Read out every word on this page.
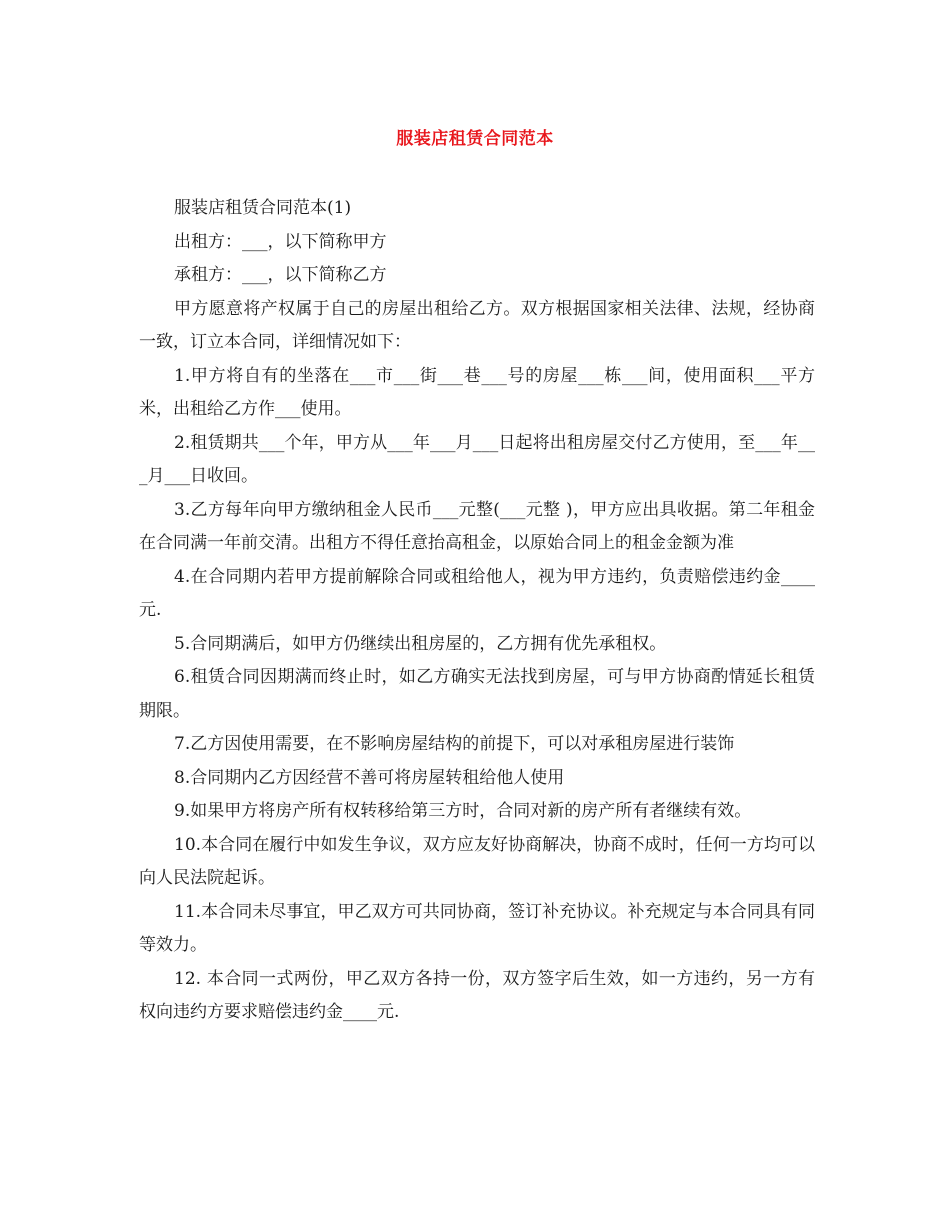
服装店租赁合同范本

服装店租赁合同范本(1)

出租方：___，以下简称甲方

承租方：___，以下简称乙方

甲方愿意将产权属于自己的房屋出租给乙方。双方根据国家相关法律、法规，经协商一致，订立本合同，详细情况如下：

1.甲方将自有的坐落在___市___街___巷___号的房屋___栋___间，使用面积___平方米，出租给乙方作___使用。

2.租赁期共___个年，甲方从___年___月___日起将出租房屋交付乙方使用，至___年___月___日收回。

3.乙方每年向甲方缴纳租金人民币___元整(___元整 )，甲方应出具收据。第二年租金在合同满一年前交清。出租方不得任意抬高租金，以原始合同上的租金金额为准

4.在合同期内若甲方提前解除合同或租给他人，视为甲方违约，负责赔偿违约金____元.

5.合同期满后，如甲方仍继续出租房屋的，乙方拥有优先承租权。

6.租赁合同因期满而终止时，如乙方确实无法找到房屋，可与甲方协商酌情延长租赁期限。

7.乙方因使用需要，在不影响房屋结构的前提下，可以对承租房屋进行装饰

8.合同期内乙方因经营不善可将房屋转租给他人使用

9.如果甲方将房产所有权转移给第三方时，合同对新的房产所有者继续有效。

10.本合同在履行中如发生争议，双方应友好协商解决，协商不成时，任何一方均可以向人民法院起诉。

11.本合同未尽事宜，甲乙双方可共同协商，签订补充协议。补充规定与本合同具有同等效力。

12. 本合同一式两份，甲乙双方各持一份，双方签字后生效，如一方违约，另一方有权向违约方要求赔偿违约金____元.
